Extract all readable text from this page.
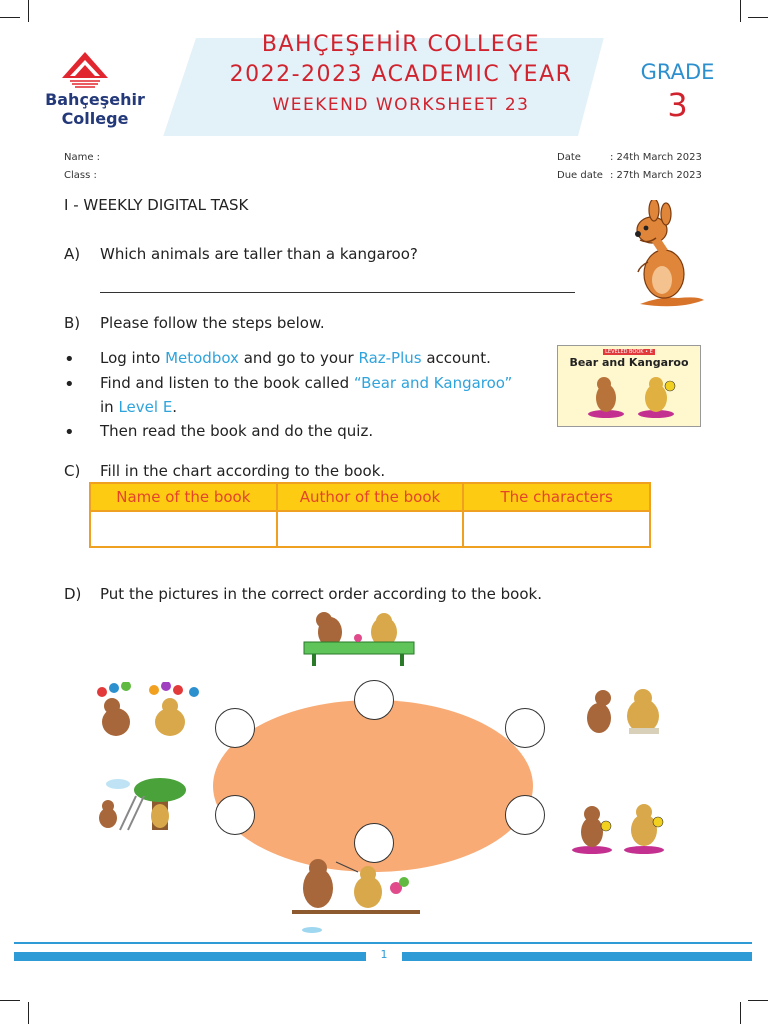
Bahçeşehir
College
BAHÇEŞEHİR COLLEGE
2022-2023 ACADEMIC YEAR
WEEKEND WORKSHEET 23
GRADE
3
Name :
Class :
Date	: 24th March 2023
Due date : 27th March 2023
I - WEEKLY DIGITAL TASK
A) Which animals are taller than a kangaroo?
B) Please follow the steps below.
• Log into Metodbox and go to your Raz-Plus account.
• Find and listen to the book called “Bear and Kangaroo”
in Level E.
• Then read the book and do the quiz.
LEVELED BOOK • E
Bear and Kangaroo
C) Fill in the chart according to the book.
Name of the book	Author of the book	The characters

D) Put the pictures in the correct order according to the book.
1
